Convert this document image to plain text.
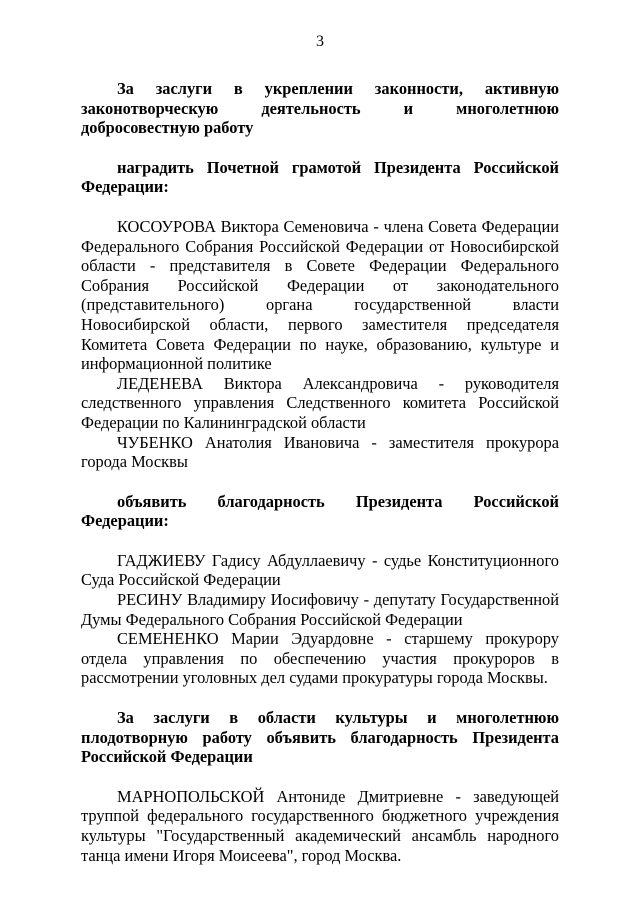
3

За заслуги в укреплении законности, активную законотворческую деятельность и многолетнюю добросовестную работу

наградить Почетной грамотой Президента Российской Федерации:

КОСОУРОВА Виктора Семеновича - члена Совета Федерации Федерального Собрания Российской Федерации от Новосибирской области - представителя в Совете Федерации Федерального Собрания Российской Федерации от законодательного (представительного) органа государственной власти Новосибирской области, первого заместителя председателя Комитета Совета Федерации по науке, образованию, культуре и информационной политике

ЛЕДЕНЕВА Виктора Александровича - руководителя следственного управления Следственного комитета Российской Федерации по Калининградской области

ЧУБЕНКО Анатолия Ивановича - заместителя прокурора города Москвы

объявить благодарность Президента Российской Федерации:

ГАДЖИЕВУ Гадису Абдуллаевичу - судье Конституционного Суда Российской Федерации

РЕСИНУ Владимиру Иосифовичу - депутату Государственной Думы Федерального Собрания Российской Федерации

СЕМЕНЕНКО Марии Эдуардовне - старшему прокурору отдела управления по обеспечению участия прокуроров в рассмотрении уголовных дел судами прокуратуры города Москвы.

За заслуги в области культуры и многолетнюю плодотворную работу объявить благодарность Президента Российской Федерации

МАРНОПОЛЬСКОЙ Антониде Дмитриевне - заведующей труппой федерального государственного бюджетного учреждения культуры "Государственный академический ансамбль народного танца имени Игоря Моисеева", город Москва.
